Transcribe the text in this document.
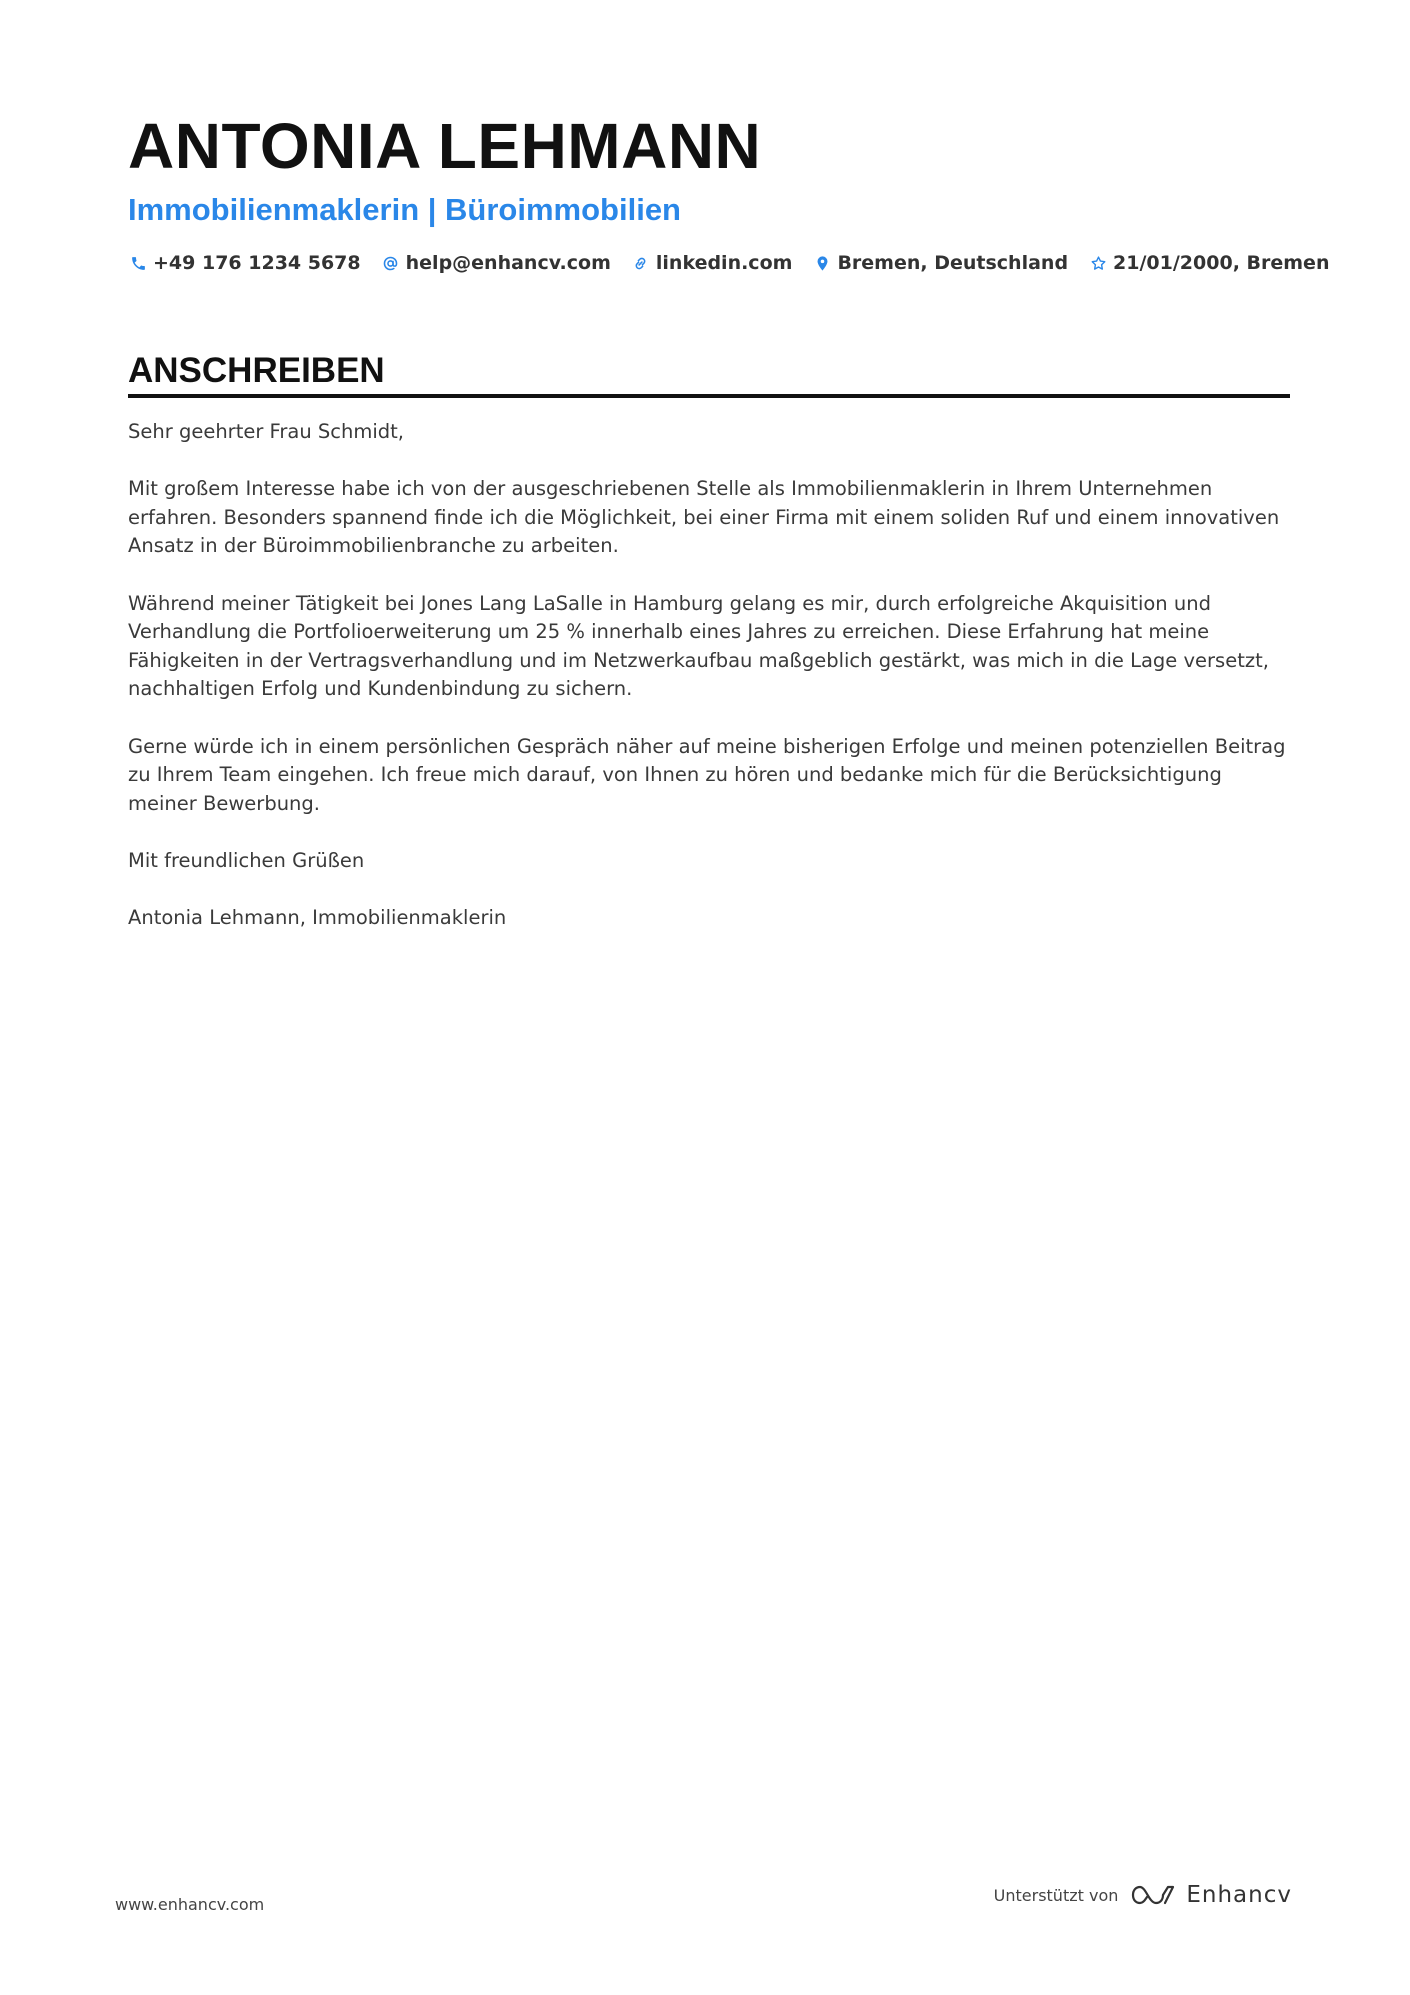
ANTONIA LEHMANN
Immobilienmaklerin | Büroimmobilien
+49 176 1234 5678 help@enhancv.com linkedin.com Bremen, Deutschland 21/01/2000, Bremen
ANSCHREIBEN

Sehr geehrter Frau Schmidt,

Mit großem Interesse habe ich von der ausgeschriebenen Stelle als Immobilienmaklerin in Ihrem Unternehmen erfahren. Besonders spannend finde ich die Möglichkeit, bei einer Firma mit einem soliden Ruf und einem innovativen Ansatz in der Büroimmobilienbranche zu arbeiten.

Während meiner Tätigkeit bei Jones Lang LaSalle in Hamburg gelang es mir, durch erfolgreiche Akquisition und Verhandlung die Portfolioerweiterung um 25 % innerhalb eines Jahres zu erreichen. Diese Erfahrung hat meine Fähigkeiten in der Vertragsverhandlung und im Netzwerkaufbau maßgeblich gestärkt, was mich in die Lage versetzt, nachhaltigen Erfolg und Kundenbindung zu sichern.

Gerne würde ich in einem persönlichen Gespräch näher auf meine bisherigen Erfolge und meinen potenziellen Beitrag zu Ihrem Team eingehen. Ich freue mich darauf, von Ihnen zu hören und bedanke mich für die Berücksichtigung meiner Bewerbung.

Mit freundlichen Grüßen

Antonia Lehmann, Immobilienmaklerin

www.enhancv.com	Unterstützt von	Enhancv
